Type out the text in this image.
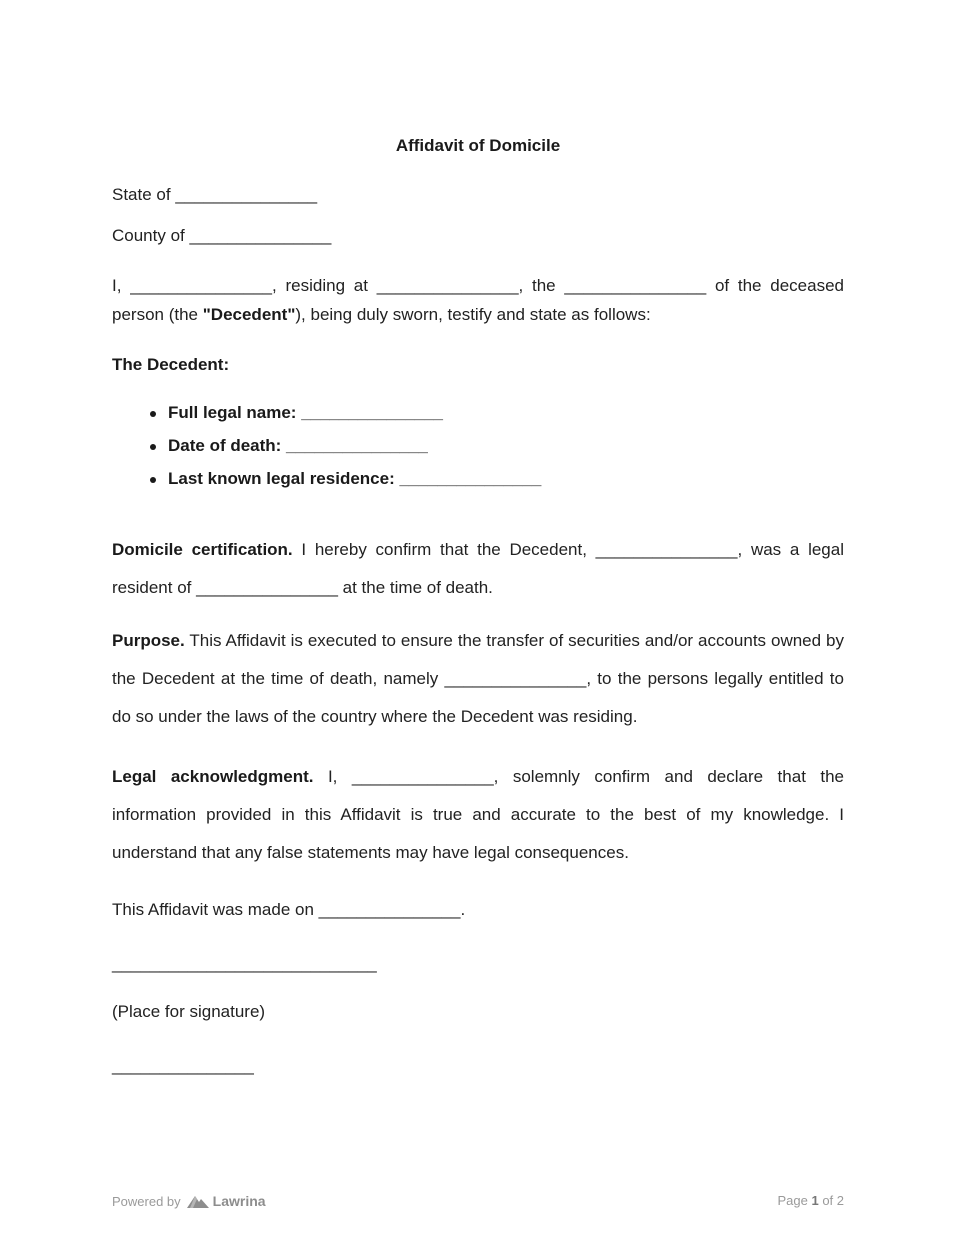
Affidavit of Domicile
State of _______________
County of _______________
I, _______________, residing at _______________, the _______________ of the deceased person (the "Decedent"), being duly sworn, testify and state as follows:
The Decedent:
Full legal name: _______________
Date of death: _______________
Last known legal residence: _______________
Domicile certification. I hereby confirm that the Decedent, _______________, was a legal resident of _______________ at the time of death.
Purpose. This Affidavit is executed to ensure the transfer of securities and/or accounts owned by the Decedent at the time of death, namely _______________, to the persons legally entitled to do so under the laws of the country where the Decedent was residing.
Legal acknowledgment. I, _______________, solemnly confirm and declare that the information provided in this Affidavit is true and accurate to the best of my knowledge. I understand that any false statements may have legal consequences.
This Affidavit was made on _______________.
____________________________
(Place for signature)
_______________
Powered by Lawrina	Page 1 of 2
